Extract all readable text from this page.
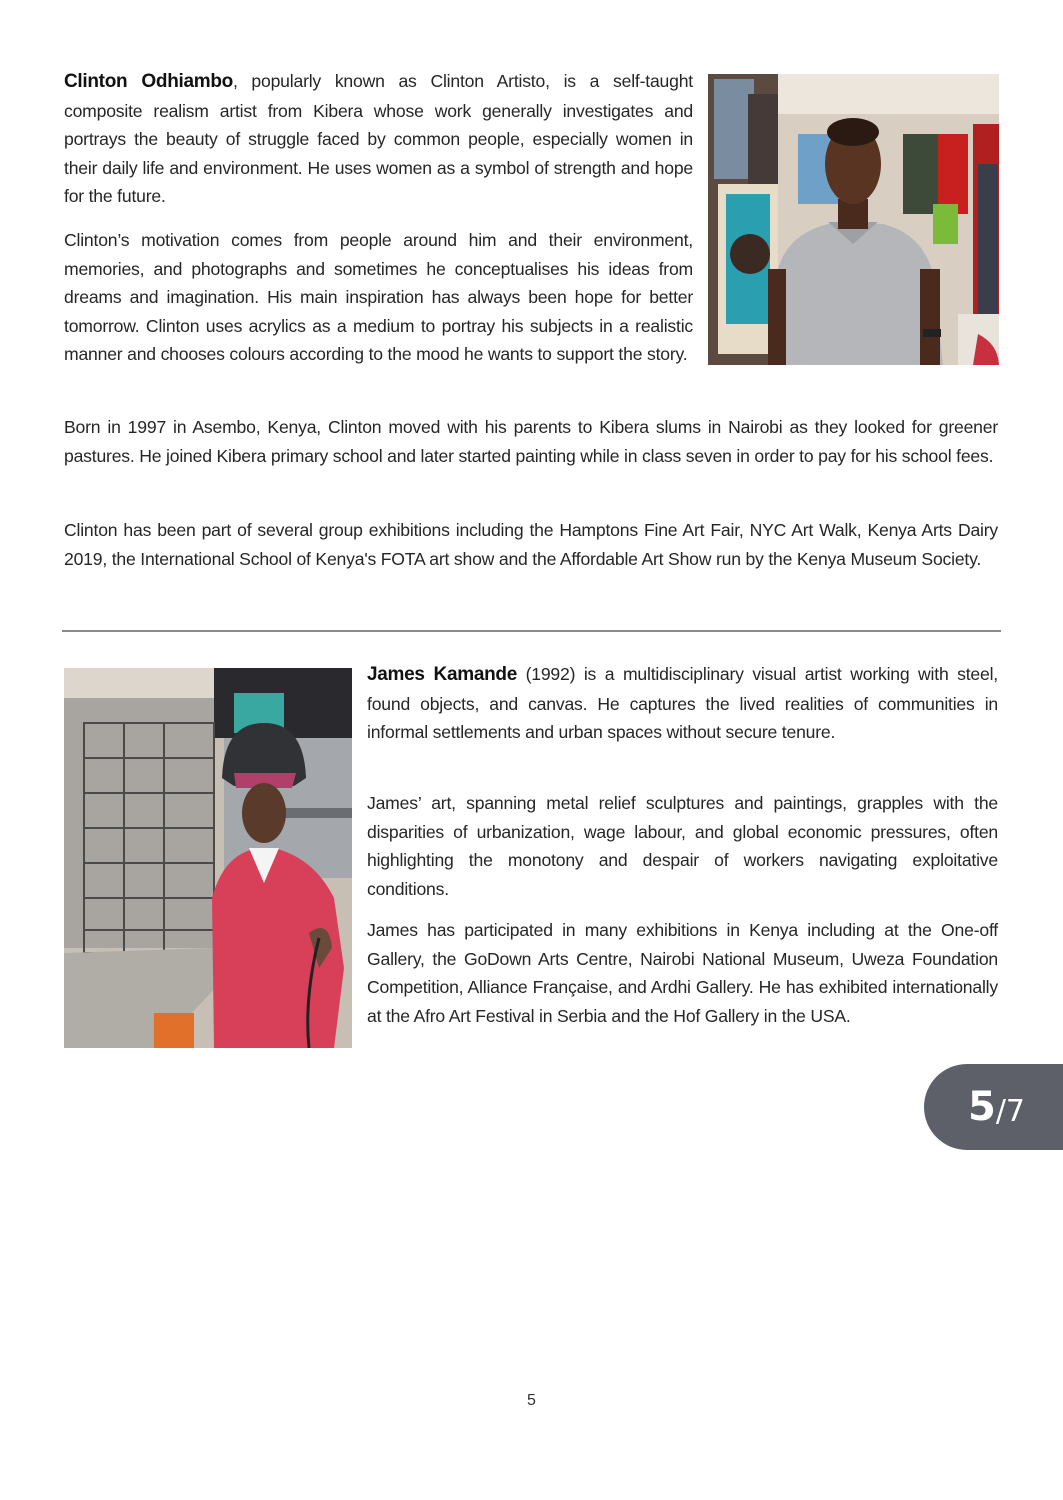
Clinton Odhiambo, popularly known as Clinton Artisto, is a self-taught composite realism artist from Kibera whose work generally investigates and portrays the beauty of struggle faced by common people, especially women in their daily life and environment. He uses women as a symbol of strength and hope for the future.

Clinton’s motivation comes from people around him and their environment, memories, and photographs and sometimes he conceptualises his ideas from dreams and imagination. His main inspiration has always been hope for better tomorrow. Clinton uses acrylics as a medium to portray his subjects in a realistic manner and chooses colours according to the mood he wants to support the story.

Born in 1997 in Asembo, Kenya, Clinton moved with his parents to Kibera slums in Nairobi as they looked for greener pastures. He joined Kibera primary school and later started painting while in class seven in order to pay for his school fees.

Clinton has been part of several group exhibitions including the Hamptons Fine Art Fair, NYC Art Walk, Kenya Arts Dairy 2019, the International School of Kenya's FOTA art show and the Affordable Art Show run by the Kenya Museum Society.

James Kamande (1992) is a multidisciplinary visual artist working with steel, found objects, and canvas. He captures the lived realities of communities in informal settlements and urban spaces without secure tenure.

James’ art, spanning metal relief sculptures and paintings, grapples with the disparities of urbanization, wage labour, and global economic pressures, often highlighting the monotony and despair of workers navigating exploitative conditions.

James has participated in many exhibitions in Kenya including at the One-off Gallery, the GoDown Arts Centre, Nairobi National Museum, Uweza Foundation Competition, Alliance Française, and Ardhi Gallery. He has exhibited internationally at the Afro Art Festival in Serbia and the Hof Gallery in the USA.

5 /7
5
